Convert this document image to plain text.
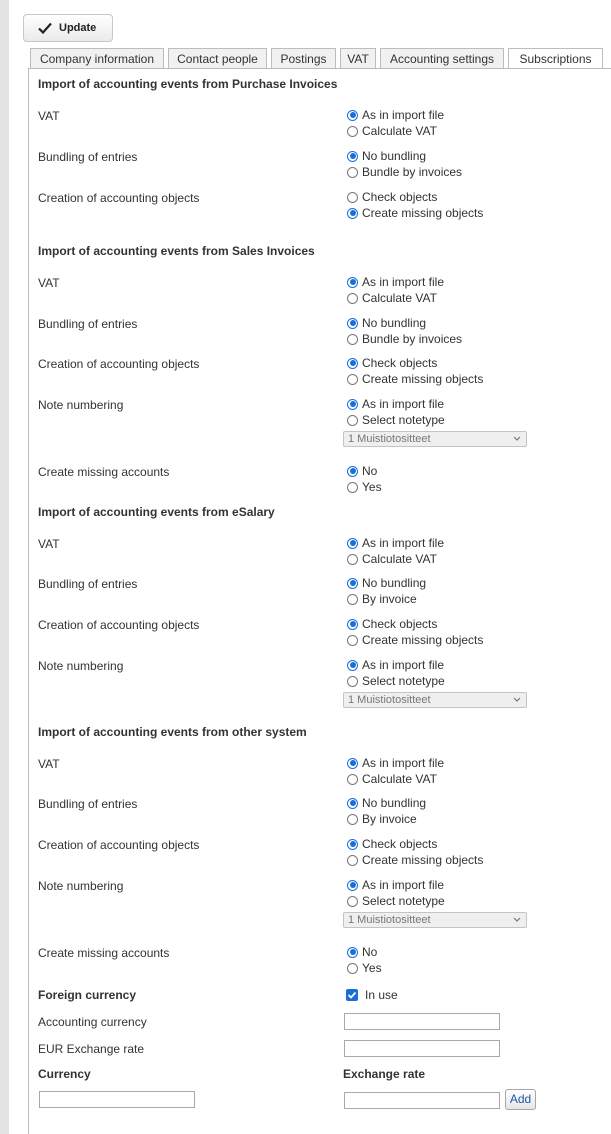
Update
Company information	Contact people	Postings	VAT	Accounting settings	Subscriptions
Import of accounting events from Purchase Invoices
VAT	As in import file
Calculate VAT
Bundling of entries	No bundling
Bundle by invoices
Creation of accounting objects	Check objects
Create missing objects
Import of accounting events from Sales Invoices
VAT	As in import file
Calculate VAT
Bundling of entries	No bundling
Bundle by invoices
Creation of accounting objects	Check objects
Create missing objects
Note numbering	As in import file
Select notetype
1 Muistiotositteet
Create missing accounts	No
Yes
Import of accounting events from eSalary
VAT	As in import file
Calculate VAT
Bundling of entries	No bundling
By invoice
Creation of accounting objects	Check objects
Create missing objects
Note numbering	As in import file
Select notetype
1 Muistiotositteet
Import of accounting events from other system
VAT	As in import file
Calculate VAT
Bundling of entries	No bundling
By invoice
Creation of accounting objects	Check objects
Create missing objects
Note numbering	As in import file
Select notetype
1 Muistiotositteet
Create missing accounts	No
Yes
Foreign currency	In use
Accounting currency
EUR Exchange rate
Currency	Exchange rate
Add
